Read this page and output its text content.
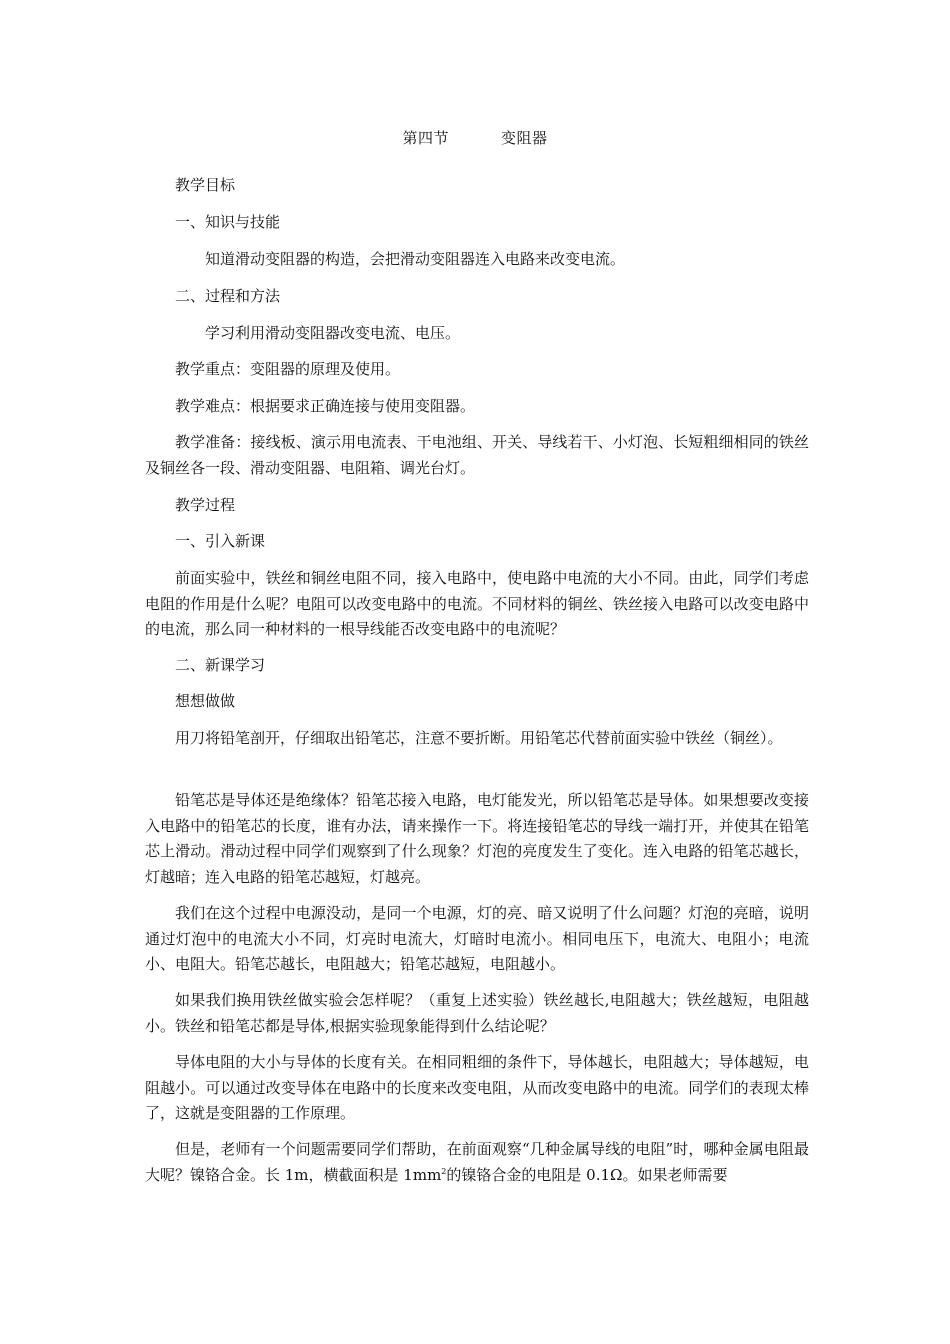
第四节	变阻器
教学目标
一、知识与技能
知道滑动变阻器的构造，会把滑动变阻器连入电路来改变电流。
二、过程和方法
学习利用滑动变阻器改变电流、电压。
教学重点：变阻器的原理及使用。
教学难点：根据要求正确连接与使用变阻器。
教学准备：接线板、演示用电流表、干电池组、开关、导线若干、小灯泡、长短粗细相同的铁丝及铜丝各一段、滑动变阻器、电阻箱、调光台灯。
教学过程
一、引入新课
前面实验中，铁丝和铜丝电阻不同，接入电路中，使电路中电流的大小不同。由此，同学们考虑电阻的作用是什么呢？电阻可以改变电路中的电流。不同材料的铜丝、铁丝接入电路可以改变电路中的电流，那么同一种材料的一根导线能否改变电路中的电流呢？
二、新课学习
想想做做
用刀将铅笔剖开，仔细取出铅笔芯，注意不要折断。用铅笔芯代替前面实验中铁丝（铜丝）。
铅笔芯是导体还是绝缘体？铅笔芯接入电路，电灯能发光，所以铅笔芯是导体。如果想要改变接入电路中的铅笔芯的长度，谁有办法，请来操作一下。将连接铅笔芯的导线一端打开，并使其在铅笔芯上滑动。滑动过程中同学们观察到了什么现象？灯泡的亮度发生了变化。连入电路的铅笔芯越长，灯越暗；连入电路的铅笔芯越短，灯越亮。
我们在这个过程中电源没动，是同一个电源，灯的亮、暗又说明了什么问题？灯泡的亮暗，说明通过灯泡中的电流大小不同，灯亮时电流大，灯暗时电流小。相同电压下，电流大、电阻小；电流小、电阻大。铅笔芯越长，电阻越大；铅笔芯越短，电阻越小。
如果我们换用铁丝做实验会怎样呢？（重复上述实验）铁丝越长,电阻越大；铁丝越短，电阻越小。铁丝和铅笔芯都是导体,根据实验现象能得到什么结论呢？
导体电阻的大小与导体的长度有关。在相同粗细的条件下，导体越长，电阻越大；导体越短，电阻越小。可以通过改变导体在电路中的长度来改变电阻，从而改变电路中的电流。同学们的表现太棒了，这就是变阻器的工作原理。
但是，老师有一个问题需要同学们帮助，在前面观察“几种金属导线的电阻”时，哪种金属电阻最大呢？镍铬合金。长 1m，横截面积是 $1mm^2$的镍铬合金的电阻是 0.1Ω。如果老师需要
